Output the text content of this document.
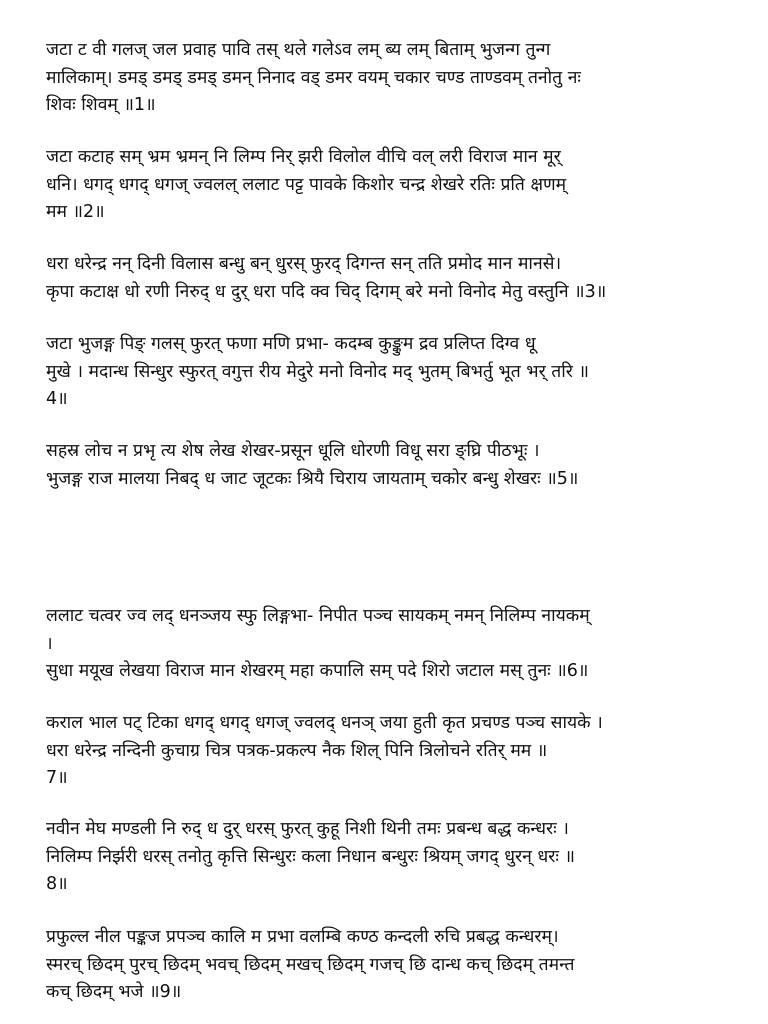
जटा ट वी गलज् जल प्रवाह पावि तस् थले गलेऽव लम् ब्य लम् बिताम् भुजन्ग तुन्ग
मालिकाम्। डमड् डमड् डमड् डमन् निनाद वड् डमर वयम् चकार चण्ड ताण्डवम् तनोतु नः
शिवः शिवम् ॥1॥
जटा कटाह सम् भ्रम भ्रमन् नि लिम्प निर् झरी विलोल वीचि वल् लरी विराज मान मूर्
धनि। धगद् धगद् धगज् ज्वलल् ललाट पट्ट पावके किशोर चन्द्र शेखरे रतिः प्रति क्षणम्
मम ॥2॥
धरा धरेन्द्र नन् दिनी विलास बन्धु बन् धुरस् फुरद् दिगन्त सन् तति प्रमोद मान मानसे।
कृपा कटाक्ष धो रणी निरुद् ध दुर् धरा पदि क्व चिद् दिगम् बरे मनो विनोद मेतु वस्तुनि ॥3॥
जटा भुजङ्ग पिङ् गलस् फुरत् फणा मणि प्रभा- कदम्ब कुङ्कुम द्रव प्रलिप्त दिग्व धू
मुखे । मदान्ध सिन्धुर स्फुरत् वगुत्त रीय मेदुरे मनो विनोद मद् भुतम् बिभर्तु भूत भर् तरि ॥
4॥
सहस्र लोच न प्रभृ त्य शेष लेख शेखर-प्रसून धूलि धोरणी विधू सरा ङ्घ्रि पीठभूः ।
भुजङ्ग राज मालया निबद् ध जाट जूटकः श्रियै चिराय जायताम् चकोर बन्धु शेखरः ॥5॥
ललाट चत्वर ज्व लद् धनञ्जय स्फु लिङ्गभा- निपीत पञ्च सायकम् नमन् निलिम्प नायकम्
।
सुधा मयूख लेखया विराज मान शेखरम् महा कपालि सम् पदे शिरो जटाल मस् तुनः ॥6॥
कराल भाल पट् टिका धगद् धगद् धगज् ज्वलद् धनञ् जया हुती कृत प्रचण्ड पञ्च सायके ।
धरा धरेन्द्र नन्दिनी कुचाग्र चित्र पत्रक-प्रकल्प नैक शिल् पिनि त्रिलोचने रतिर् मम ॥
7॥
नवीन मेघ मण्डली नि रुद् ध दुर् धरस् फुरत् कुहू निशी थिनी तमः प्रबन्ध बद्ध कन्धरः ।
निलिम्प निर्झरी धरस् तनोतु कृत्ति सिन्धुरः कला निधान बन्धुरः श्रियम् जगद् धुरन् धरः ॥
8॥
प्रफुल्ल नील पङ्कज प्रपञ्च कालि म प्रभा वलम्बि कण्ठ कन्दली रुचि प्रबद्ध कन्धरम्।
स्मरच् छिदम् पुरच् छिदम् भवच् छिदम् मखच् छिदम् गजच् छि दान्ध कच् छिदम् तमन्त
कच् छिदम् भजे ॥9॥
